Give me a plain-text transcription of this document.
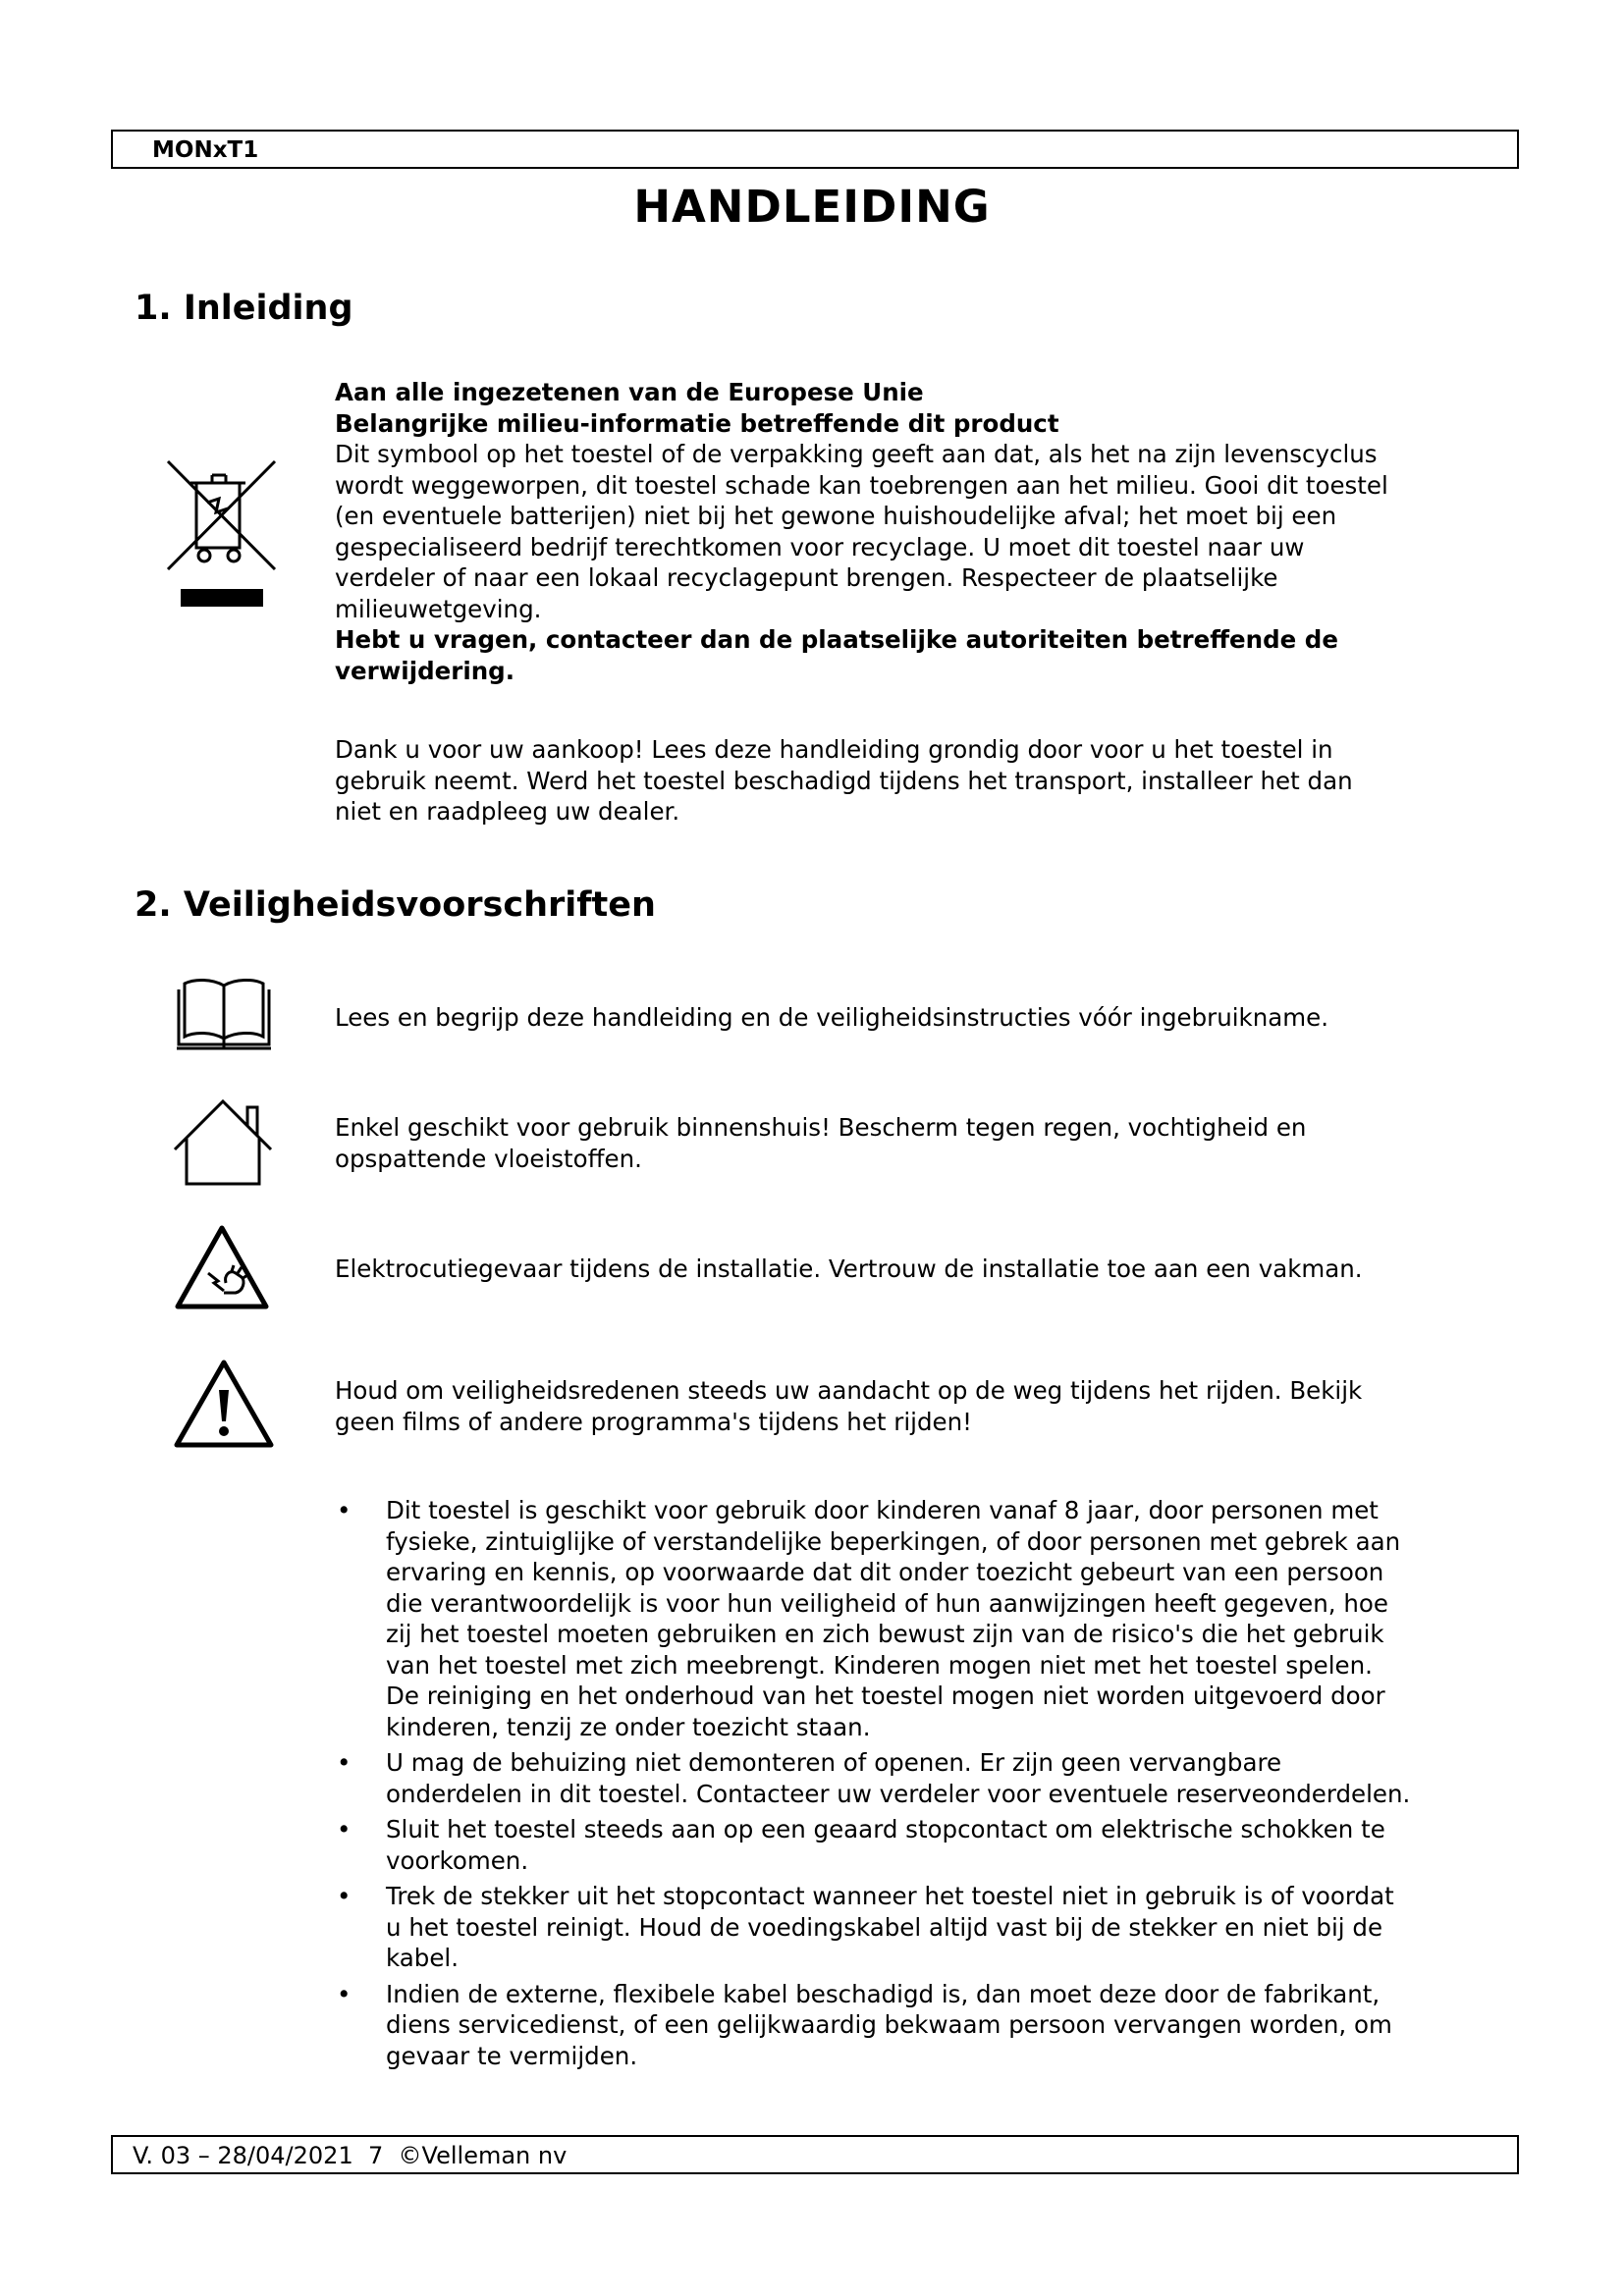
MONxT1
HANDLEIDING
1. Inleiding

Aan alle ingezetenen van de Europese Unie

Belangrijke milieu-informatie betreffende dit product

Dit symbool op het toestel of de verpakking geeft aan dat, als het na zijn levenscyclus

wordt weggeworpen, dit toestel schade kan toebrengen aan het milieu. Gooi dit toestel

(en eventuele batterijen) niet bij het gewone huishoudelijke afval; het moet bij een

gespecialiseerd bedrijf terechtkomen voor recyclage. U moet dit toestel naar uw

verdeler of naar een lokaal recyclagepunt brengen. Respecteer de plaatselijke

milieuwetgeving.

Hebt u vragen, contacteer dan de plaatselijke autoriteiten betreffende de

verwijdering.

Dank u voor uw aankoop! Lees deze handleiding grondig door voor u het toestel in

gebruik neemt. Werd het toestel beschadigd tijdens het transport, installeer het dan

niet en raadpleeg uw dealer.

2. Veiligheidsvoorschriften

Lees en begrijp deze handleiding en de veiligheidsinstructies vóór ingebruikname.

Enkel geschikt voor gebruik binnenshuis! Bescherm tegen regen, vochtigheid en

opspattende vloeistoffen.

Elektrocutiegevaar tijdens de installatie. Vertrouw de installatie toe aan een vakman.

Houd om veiligheidsredenen steeds uw aandacht op de weg tijdens het rijden. Bekijk

geen films of andere programma's tijdens het rijden!

• Dit toestel is geschikt voor gebruik door kinderen vanaf 8 jaar, door personen met
fysieke, zintuiglijke of verstandelijke beperkingen, of door personen met gebrek aan
ervaring en kennis, op voorwaarde dat dit onder toezicht gebeurt van een persoon
die verantwoordelijk is voor hun veiligheid of hun aanwijzingen heeft gegeven, hoe
zij het toestel moeten gebruiken en zich bewust zijn van de risico's die het gebruik
van het toestel met zich meebrengt. Kinderen mogen niet met het toestel spelen.
De reiniging en het onderhoud van het toestel mogen niet worden uitgevoerd door
kinderen, tenzij ze onder toezicht staan.
• U mag de behuizing niet demonteren of openen. Er zijn geen vervangbare
onderdelen in dit toestel. Contacteer uw verdeler voor eventuele reserveonderdelen.
• Sluit het toestel steeds aan op een geaard stopcontact om elektrische schokken te
voorkomen.
• Trek de stekker uit het stopcontact wanneer het toestel niet in gebruik is of voordat
u het toestel reinigt. Houd de voedingskabel altijd vast bij de stekker en niet bij de
kabel.
• Indien de externe, flexibele kabel beschadigd is, dan moet deze door de fabrikant,
diens servicedienst, of een gelijkwaardig bekwaam persoon vervangen worden, om
gevaar te vermijden.
V. 03 – 28/04/2021 7 ©Velleman nv
